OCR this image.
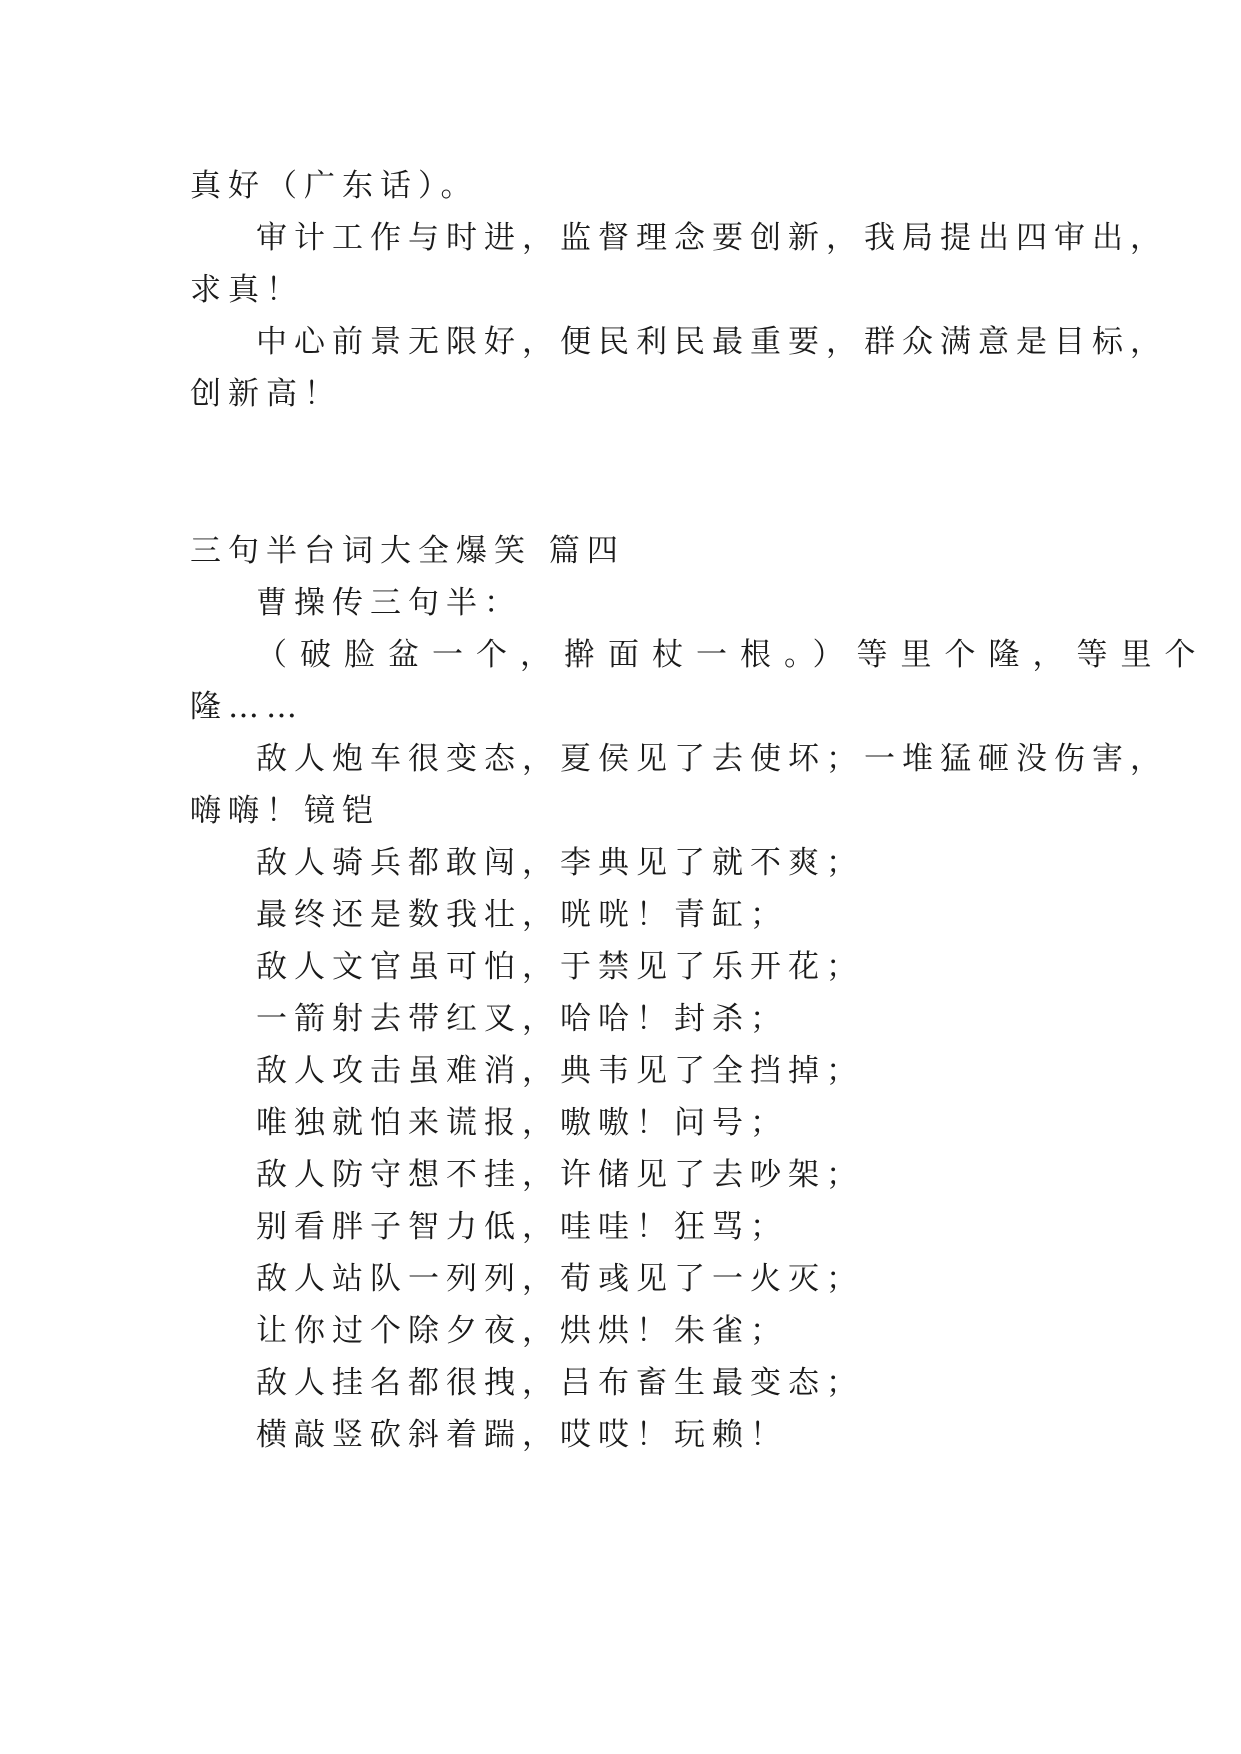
真好（广东话）。
审计工作与时进，监督理念要创新，我局提出四审出，
求真！
中心前景无限好，便民利民最重要，群众满意是目标，
创新高！
三句半台词大全爆笑 篇四
曹操传三句半：
（破脸盆一个，擀面杖一根。）等里个隆，等里个
隆……
敌人炮车很变态，夏侯见了去使坏；一堆猛砸没伤害，
嗨嗨！镜铠
敌人骑兵都敢闯，李典见了就不爽；
最终还是数我壮，咣咣！青缸；
敌人文官虽可怕，于禁见了乐开花；
一箭射去带红叉，哈哈！封杀；
敌人攻击虽难消，典韦见了全挡掉；
唯独就怕来谎报，嗷嗷！问号；
敌人防守想不挂，许储见了去吵架；
别看胖子智力低，哇哇！狂骂；
敌人站队一列列，荀彧见了一火灭；
让你过个除夕夜，烘烘！朱雀；
敌人挂名都很拽，吕布畜生最变态；
横敲竖砍斜着踹，哎哎！玩赖！
